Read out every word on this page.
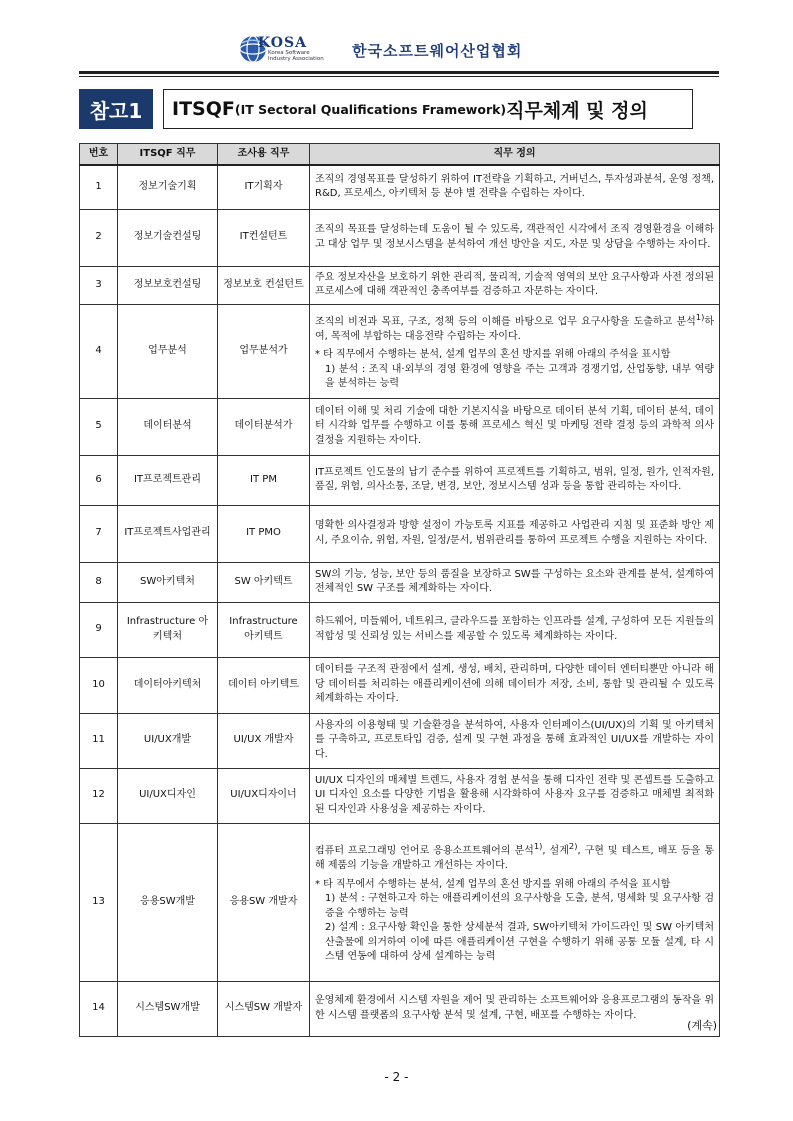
KOSA
Korea Software
Industry Association 한국소프트웨어산업협회
참고1	ITSQF (IT Sectoral Qualifications Framework) 직무체계 및 정의
번호	ITSQF 직무	조사용 직무	직무 정의
1	정보기술기획	IT기획자	조직의 경영목표를 달성하기 위하여 IT전략을 기획하고, 거버넌스, 투자성과분석, 운영 정책, R&D, 프로세스, 아키텍처 등 분야 별 전략을 수립하는 자이다.
2	정보기술컨설팅	IT컨설턴트	조직의 목표를 달성하는데 도움이 될 수 있도록, 객관적인 시각에서 조직 경영환경을 이해하고 대상 업무 및 정보시스템을 분석하여 개선 방안을 지도, 자문 및 상담을 수행하는 자이다.
3	정보보호컨설팅	정보보호 컨설턴트	주요 정보자산을 보호하기 위한 관리적, 물리적, 기술적 영역의 보안 요구사항과 사전 정의된 프로세스에 대해 객관적인 충족여부를 검증하고 자문하는 자이다.
4	업무분석	업무분석가	조직의 비전과 목표, 구조, 정책 등의 이해를 바탕으로 업무 요구사항을 도출하고 분석$^{1)}$하여, 목적에 부합하는 대응전략 수립하는 자이다.
* 타 직무에서 수행하는 분석, 설계 업무의 혼선 방지를 위해 아래의 주석을 표시함
1) 분석 : 조직 내·외부의 경영 환경에 영향을 주는 고객과 경쟁기업, 산업동향, 내부 역량을 분석하는 능력

5	데이터분석	데이터분석가	데이터 이해 및 처리 기술에 대한 기본지식을 바탕으로 데이터 분석 기획, 데이터 분석, 데이터 시각화 업무를 수행하고 이를 통해 프로세스 혁신 및 마케팅 전략 결정 등의 과학적 의사결정을 지원하는 자이다.
6	IT프로젝트관리	IT PM	IT프로젝트 인도물의 납기 준수를 위하여 프로젝트를 기획하고, 범위, 일정, 원가, 인적자원, 품질, 위험, 의사소통, 조달, 변경, 보안, 정보시스템 성과 등을 통합 관리하는 자이다.
7	IT프로젝트사업관리	IT PMO	명확한 의사결정과 방향 설정이 가능토록 지표를 제공하고 사업관리 지침 및 표준화 방안 제시, 주요이슈, 위험, 자원, 일정/문서, 범위관리를 통하여 프로젝트 수행을 지원하는 자이다.
8	SW아키텍처	SW 아키텍트	SW의 기능, 성능, 보안 등의 품질을 보장하고 SW를 구성하는 요소와 관계를 분석, 설계하여 전체적인 SW 구조를 체계화하는 자이다.
9	Infrastructure 아키텍처	Infrastructure 아키텍트	하드웨어, 미들웨어, 네트워크, 클라우드를 포함하는 인프라를 설계, 구성하여 모든 지원들의 적합성 및 신뢰성 있는 서비스를 제공할 수 있도록 체계화하는 자이다.
10	데이터아키텍처	데이터 아키텍트	데이터를 구조적 관점에서 설계, 생성, 배치, 관리하며, 다양한 데이터 엔터티뿐만 아니라 해당 데이터를 처리하는 애플리케이션에 의해 데이터가 저장, 소비, 통합 및 관리될 수 있도록 체계화하는 자이다.
11	UI/UX개발	UI/UX 개발자	사용자의 이용형태 및 기술환경을 분석하여, 사용자 인터페이스(UI/UX)의 기획 및 아키텍처를 구축하고, 프로토타입 검증, 설계 및 구현 과정을 통해 효과적인 UI/UX를 개발하는 자이다.
12	UI/UX디자인	UI/UX디자이너	UI/UX 디자인의 매체별 트렌드, 사용자 경험 분석을 통해 디자인 전략 및 콘셉트를 도출하고 UI 디자인 요소를 다양한 기법을 활용해 시각화하여 사용자 요구를 검증하고 매체별 최적화된 디자인과 사용성을 제공하는 자이다.
13	응용SW개발	응용SW 개발자	컴퓨터 프로그래밍 언어로 응용소프트웨어의 분석$^{1)}$, 설계$^{2)}$, 구현 및 테스트, 배포 등을 통해 제품의 기능을 개발하고 개선하는 자이다.
* 타 직무에서 수행하는 분석, 설계 업무의 혼선 방지를 위해 아래의 주석을 표시함
1) 분석 : 구현하고자 하는 애플리케이션의 요구사항을 도출, 분석, 명세화 및 요구사항 검증을 수행하는 능력
2) 설계 : 요구사항 확인을 통한 상세분석 결과, SW아키텍처 가이드라인 및 SW 아키텍처 산출물에 의거하여 이에 따른 애플리케이션 구현을 수행하기 위해 공통 모듈 설계, 타 시스템 연동에 대하여 상세 설계하는 능력

14	시스템SW개발	시스템SW 개발자	운영체제 환경에서 시스템 자원을 제어 및 관리하는 소프트웨어와 응용프로그램의 동작을 위한 시스템 플랫폼의 요구사항 분석 및 설계, 구현, 배포를 수행하는 자이다.
(계속)
- 2 -
